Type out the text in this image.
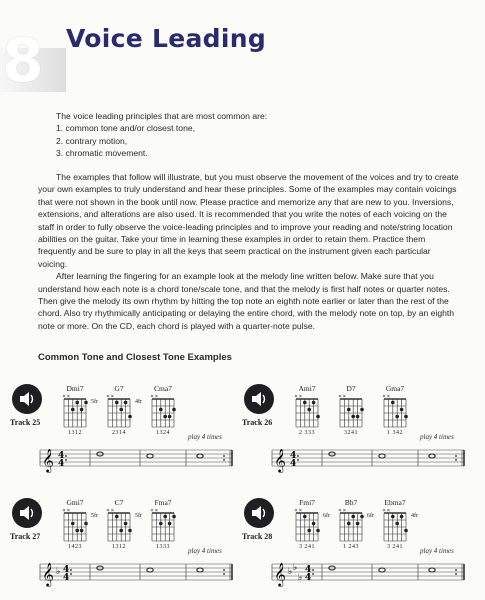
8 Voice Leading
The voice leading principles that are most common are:
1. common tone and/or closest tone,
2. contrary motion,
3. chromatic movement.

The examples that follow will illustrate, but you must observe the movement of the voices and try to create your own examples to truly understand and hear these principles. Some of the examples may contain voicings that were not shown in the book until now. Please practice and memorize any that are new to you. Inversions, extensions, and alterations are also used. It is recommended that you write the notes of each voicing on the staff in order to fully observe the voice-leading principles and to improve your reading and note/string location abilities on the guitar. Take your time in learning these examples in order to retain them. Practice them frequently and be sure to play in all the keys that seem practical on the instrument given each particular voicing.

After learning the fingering for an example look at the melody line written below. Make sure that you understand how each note is a chord tone/scale tone, and that the melody is first half notes or quarter notes. Then give the melody its own rhythm by hitting the top note an eighth note earlier or later than the rest of the chord. Also try rhythmically anticipating or delaying the entire chord, with the melody note on top, by an eighth note or more. On the CD, each chord is played with a quarter-note pulse.

Common Tone and Closest Tone Examples
Track 25
Dmi7
× ×
5fr
1312
G7
× ×
4fr
2314
Cma7
× ×
1324
𝄞 4
4
play 4 times
Track 26
Ami7
× ×
2 333
D7
× ×
3241
Gma7
× ×
1 342
𝄞 4
4
play 4 times
Track 27
Gmi7
× ×
5fr
1423
C7
× ×
5fr
1312
Fma7
× ×
1333
𝄞 ♭ 4
4
play 4 times
Track 28
Fmi7
× ×
6fr
3 241
Bb7
× ×
6fr
1 243
Ebma7
× ×
4fr
3 241
𝄞 ♭ ♭
♭
4
4
play 4 times
